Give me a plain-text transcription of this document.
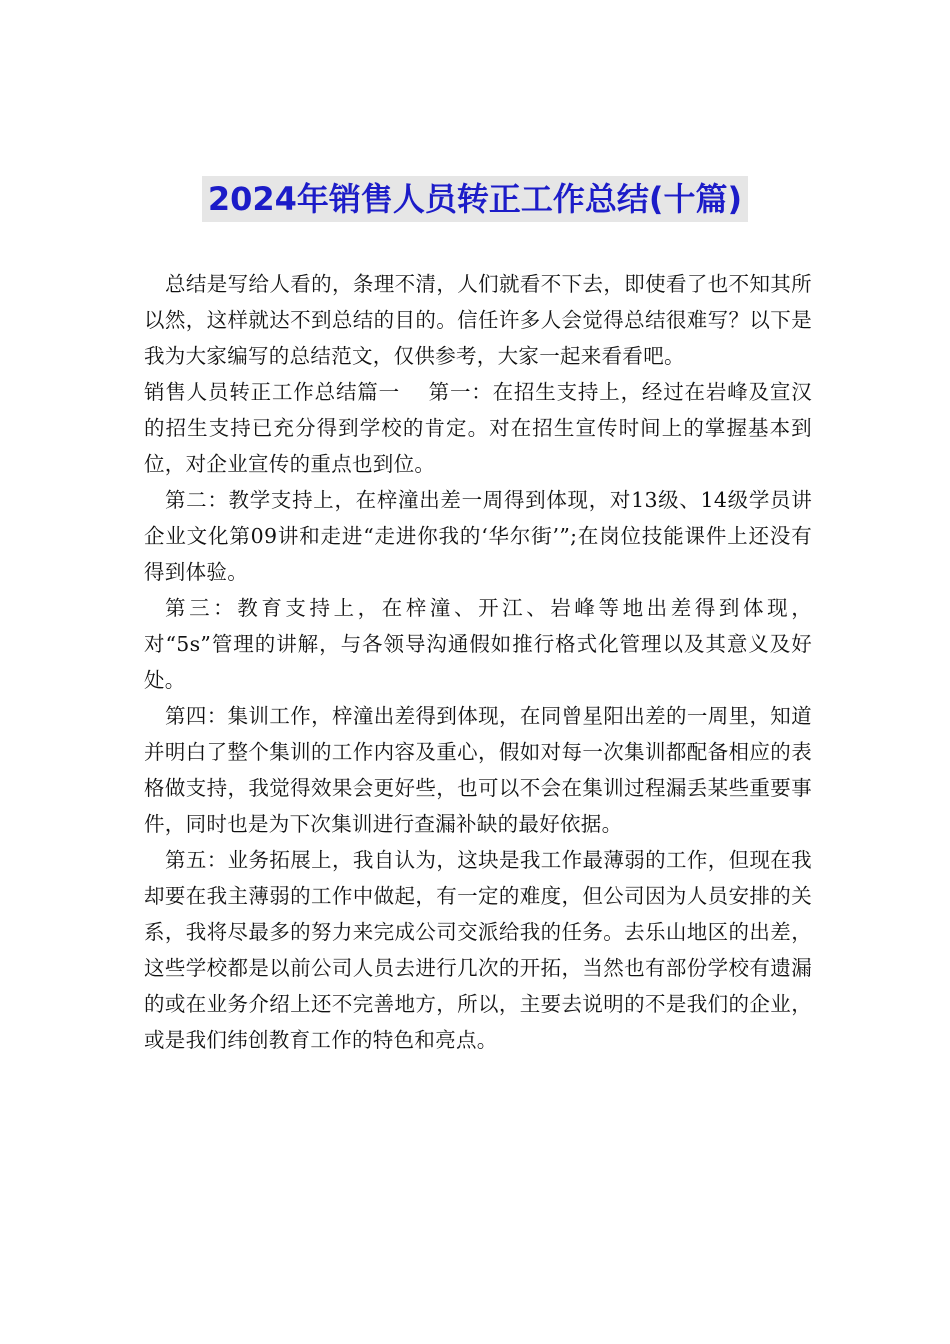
2024年销售人员转正工作总结(十篇)

总结是写给人看的，条理不清，人们就看不下去，即使看了也不知其所以然，这样就达不到总结的目的。信任许多人会觉得总结很难写？以下是我为大家编写的总结范文，仅供参考，大家一起来看看吧。

销售人员转正工作总结篇一　 第一：在招生支持上，经过在岩峰及宣汉的招生支持已充分得到学校的肯定。对在招生宣传时间上的掌握基本到位，对企业宣传的重点也到位。

第二：教学支持上，在梓潼出差一周得到体现，对13级、14级学员讲企业文化第09讲和走进“走进你我的‘华尔街’”;在岗位技能课件上还没有得到体验。

第三：教育支持上，在梓潼、开江、岩峰等地出差得到体现，对“5s”管理的讲解，与各领导沟通假如推行格式化管理以及其意义及好处。

第四：集训工作，梓潼出差得到体现，在同曾星阳出差的一周里，知道并明白了整个集训的工作内容及重心，假如对每一次集训都配备相应的表格做支持，我觉得效果会更好些，也可以不会在集训过程漏丢某些重要事件，同时也是为下次集训进行查漏补缺的最好依据。

第五：业务拓展上，我自认为，这块是我工作最薄弱的工作，但现在我却要在我主薄弱的工作中做起，有一定的难度，但公司因为人员安排的关系，我将尽最多的努力来完成公司交派给我的任务。去乐山地区的出差，这些学校都是以前公司人员去进行几次的开拓，当然也有部份学校有遗漏的或在业务介绍上还不完善地方，所以，主要去说明的不是我们的企业，或是我们纬创教育工作的特色和亮点。
